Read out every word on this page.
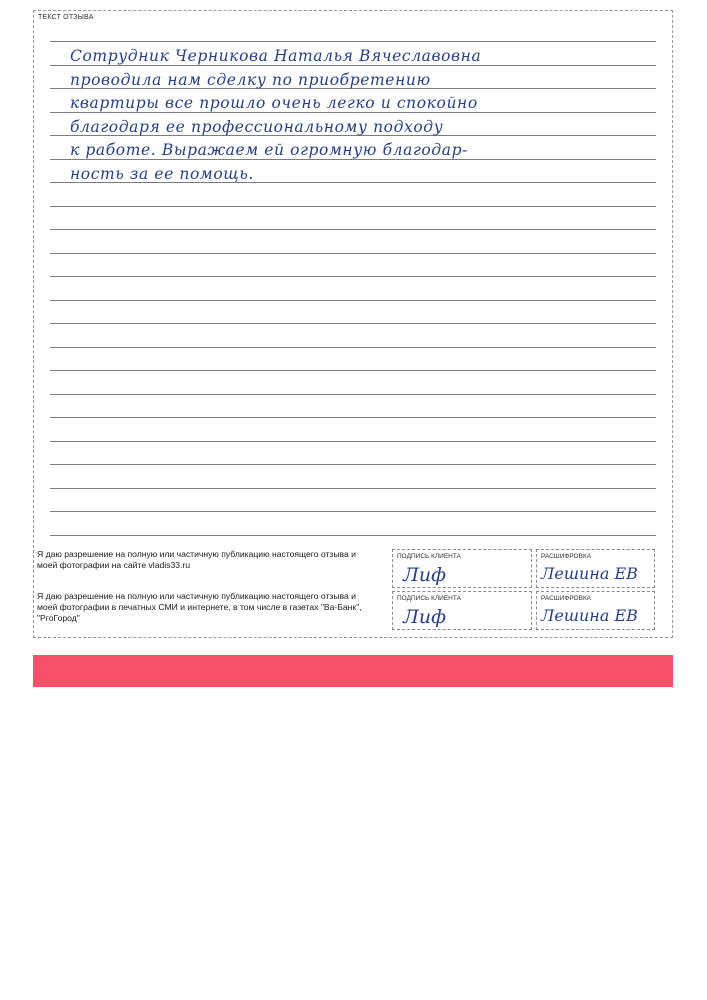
ТЕКСТ ОТЗЫВА
Сотрудник Черникова Наталья Вячеславовна
проводила нам сделку по приобретению
квартиры все прошло очень легко и спокойно
благодаря ее профессиональному подходу
к работе. Выражаем ей огромную благодар-
ность за ее помощь.
Я даю разрешение на полную или частичную публикацию настоящего отзыва и моей фотографии на сайте vladis33.ru
Я даю разрешение на полную или частичную публикацию настоящего отзыва и моей фотографии в печатных СМИ и интернете, в том числе в газетах "Ва-Банк", "РгоГород"
ПОДПИСЬ КЛИЕНТА
Лиф
РАСШИФРОВКА
Лешина ЕВ
ПОДПИСЬ КЛИЕНТА
Лиф
РАСШИФРОВКА
Лешина ЕВ
